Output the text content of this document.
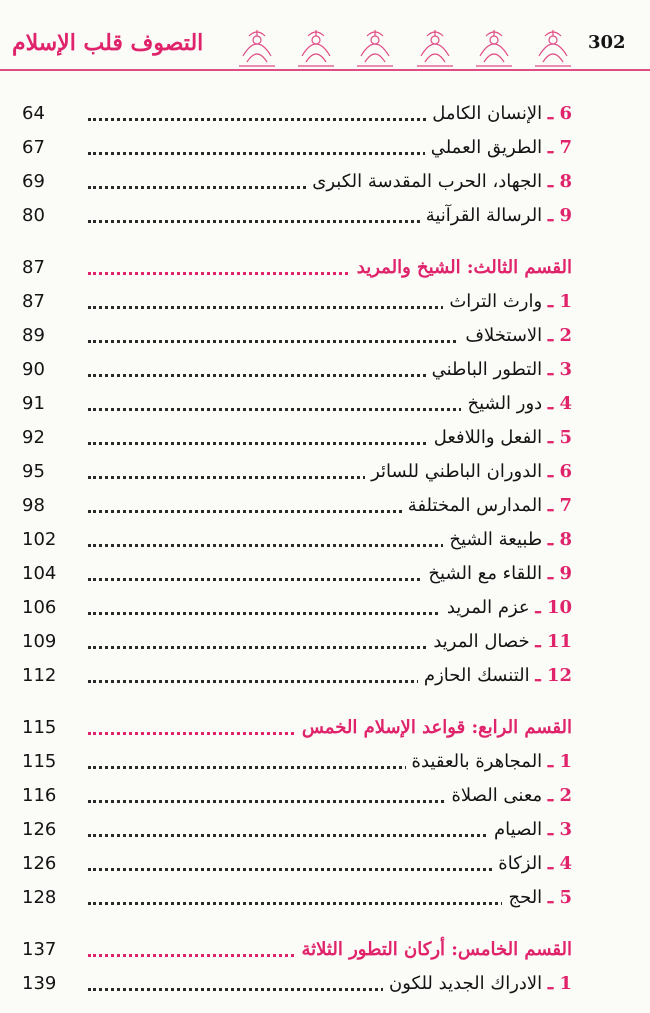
التصوف قلب الإسلام	302
6 ـ الإنسان الكامل
64
7 ـ الطريق العملي
67
8 ـ الجهاد، الحرب المقدسة الكبرى
69
9 ـ الرسالة القرآنية
80
القسم الثالث: الشيخ والمريد
87
1 ـ وارث التراث
87
2 ـ الاستخلاف
89
3 ـ التطور الباطني
90
4 ـ دور الشيخ
91
5 ـ الفعل واللافعل
92
6 ـ الدوران الباطني للسائر
95
7 ـ المدارس المختلفة
98
8 ـ طبيعة الشيخ
102
9 ـ اللقاء مع الشيخ
104
10 ـ عزم المريد
106
11 ـ خصال المريد
109
12 ـ التنسك الحازم
112
القسم الرابع: قواعد الإسلام الخمس
115
1 ـ المجاهرة بالعقيدة
115
2 ـ معنى الصلاة
116
3 ـ الصيام
126
4 ـ الزكاة
126
5 ـ الحج
128
القسم الخامس: أركان التطور الثلاثة
137
1 ـ الادراك الجديد للكون
139
